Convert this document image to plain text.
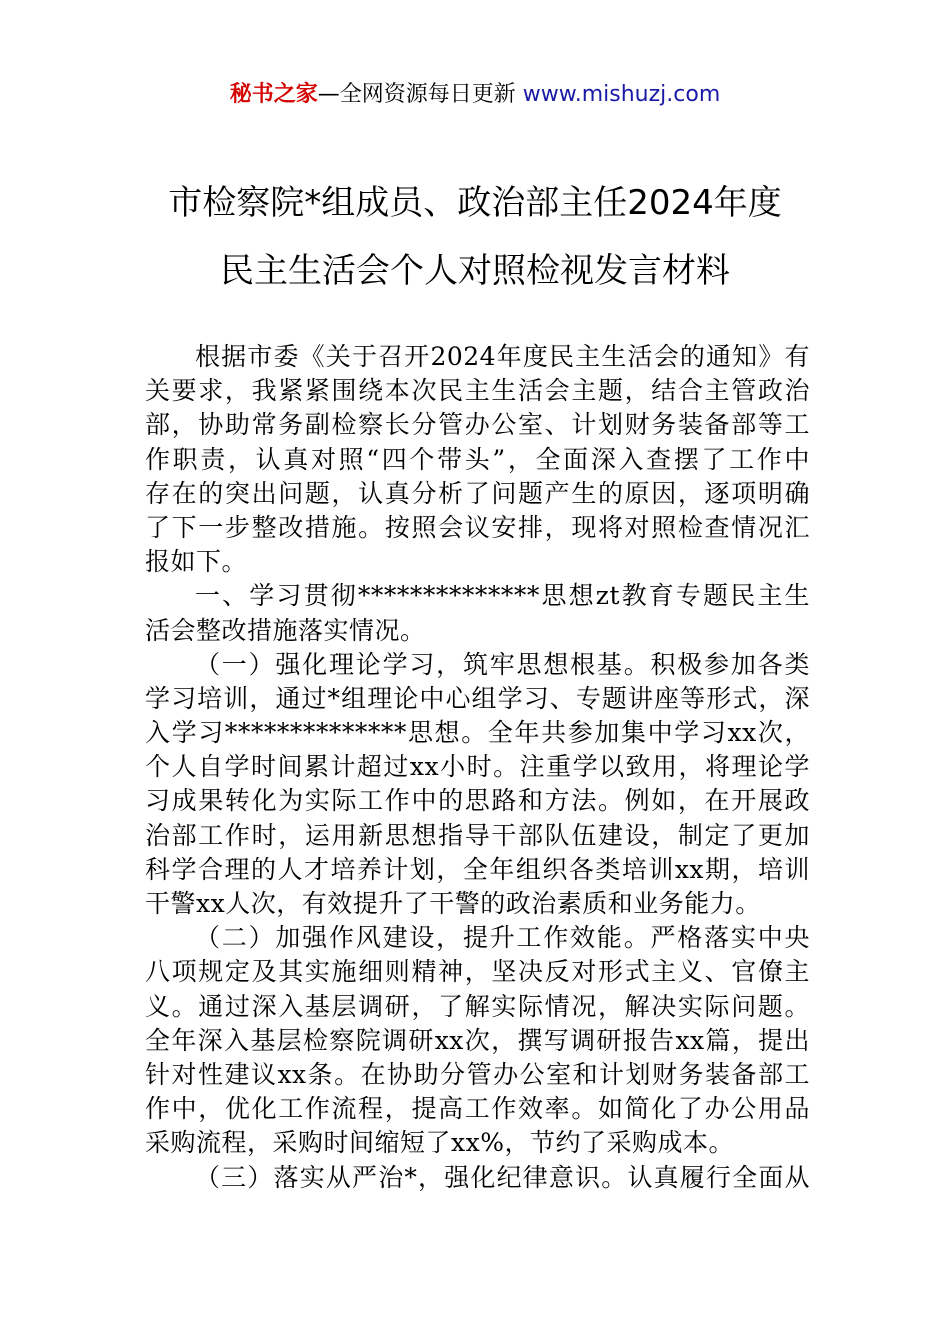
秘书之家—全网资源每日更新 www.mishuzj.com
市检察院*组成员、政治部主任2024年度
民主生活会个人对照检视发言材料
根据市委《关于召开2024年度民主生活会的通知》有
关要求，我紧紧围绕本次民主生活会主题，结合主管政治
部，协助常务副检察长分管办公室、计划财务装备部等工
作职责，认真对照“四个带头”，全面深入查摆了工作中
存在的突出问题，认真分析了问题产生的原因，逐项明确
了下一步整改措施。按照会议安排，现将对照检查情况汇
报如下。
一、学习贯彻**************思想zt教育专题民主生
活会整改措施落实情况。
（一）强化理论学习，筑牢思想根基。积极参加各类
学习培训，通过*组理论中心组学习、专题讲座等形式，深
入学习**************思想。全年共参加集中学习xx次，
个人自学时间累计超过xx小时。注重学以致用，将理论学
习成果转化为实际工作中的思路和方法。例如，在开展政
治部工作时，运用新思想指导干部队伍建设，制定了更加
科学合理的人才培养计划，全年组织各类培训xx期，培训
干警xx人次，有效提升了干警的政治素质和业务能力。
（二）加强作风建设，提升工作效能。严格落实中央
八项规定及其实施细则精神，坚决反对形式主义、官僚主
义。通过深入基层调研，了解实际情况，解决实际问题。
全年深入基层检察院调研xx次，撰写调研报告xx篇，提出
针对性建议xx条。在协助分管办公室和计划财务装备部工
作中，优化工作流程，提高工作效率。如简化了办公用品
采购流程，采购时间缩短了xx%，节约了采购成本。
（三）落实从严治*，强化纪律意识。认真履行全面从
